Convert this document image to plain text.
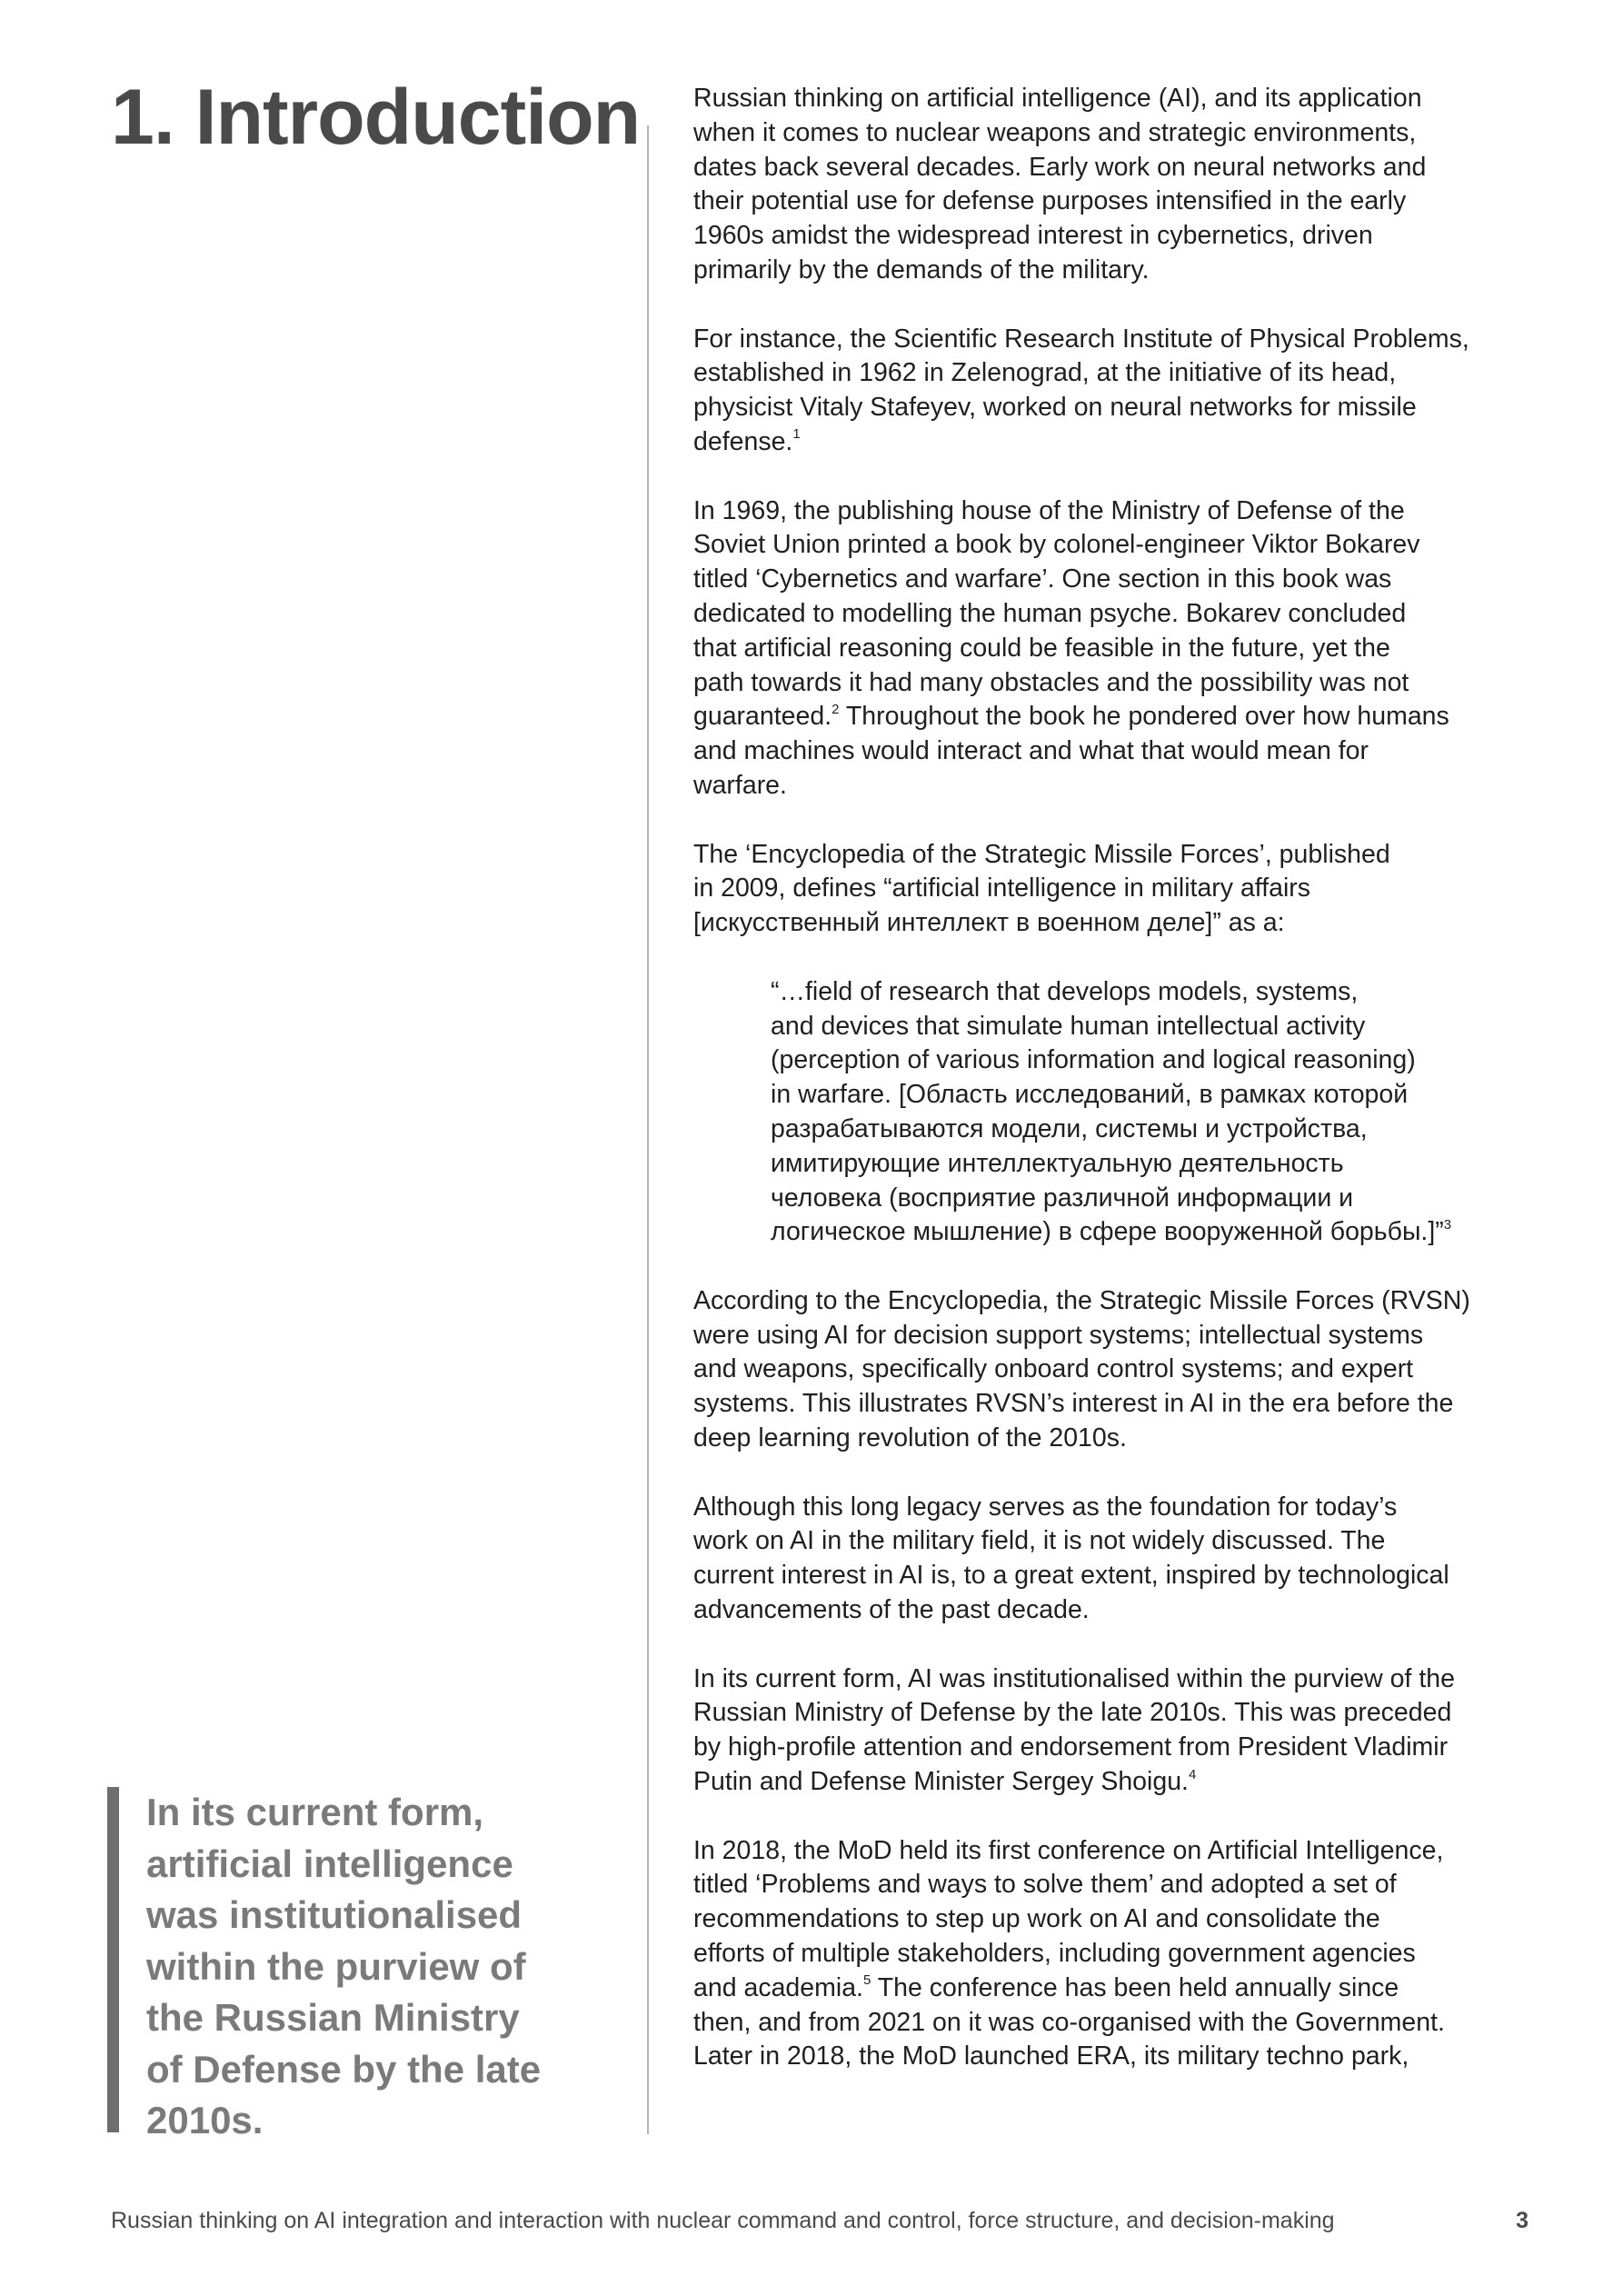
1. Introduction
In its current form,
artificial intelligence
was institutionalised
within the purview of
the Russian Ministry
of Defense by the late
2010s.

Russian thinking on artificial intelligence (AI), and its application
when it comes to nuclear weapons and strategic environments,
dates back several decades. Early work on neural networks and
their potential use for defense purposes intensified in the early
1960s amidst the widespread interest in cybernetics, driven
primarily by the demands of the military.

For instance, the Scientific Research Institute of Physical Problems,
established in 1962 in Zelenograd, at the initiative of its head,
physicist Vitaly Stafeyev, worked on neural networks for missile
defense.$^1$

In 1969, the publishing house of the Ministry of Defense of the
Soviet Union printed a book by colonel-engineer Viktor Bokarev
titled ‘Cybernetics and warfare’. One section in this book was
dedicated to modelling the human psyche. Bokarev concluded
that artificial reasoning could be feasible in the future, yet the
path towards it had many obstacles and the possibility was not
guaranteed.$^2$ Throughout the book he pondered over how humans
and machines would interact and what that would mean for
warfare.

The ‘Encyclopedia of the Strategic Missile Forces’, published
in 2009, defines “artificial intelligence in military affairs
[искусственный интеллект в военном деле]” as a:

“…field of research that develops models, systems,
and devices that simulate human intellectual activity
(perception of various information and logical reasoning)
in warfare. [Область исследований, в рамках которой
разрабатываются модели, системы и устройства,
имитирующие интеллектуальную деятельность
человека (восприятие различной информации и
логическое мышление) в сфере вооруженной борьбы.]”$^3$

According to the Encyclopedia, the Strategic Missile Forces (RVSN)
were using AI for decision support systems; intellectual systems
and weapons, specifically onboard control systems; and expert
systems. This illustrates RVSN’s interest in AI in the era before the
deep learning revolution of the 2010s.

Although this long legacy serves as the foundation for today’s
work on AI in the military field, it is not widely discussed. The
current interest in AI is, to a great extent, inspired by technological
advancements of the past decade.

In its current form, AI was institutionalised within the purview of the
Russian Ministry of Defense by the late 2010s. This was preceded
by high-profile attention and endorsement from President Vladimir
Putin and Defense Minister Sergey Shoigu.$^4$

In 2018, the MoD held its first conference on Artificial Intelligence,
titled ‘Problems and ways to solve them’ and adopted a set of
recommendations to step up work on AI and consolidate the
efforts of multiple stakeholders, including government agencies
and academia.$^5$ The conference has been held annually since
then, and from 2021 on it was co-organised with the Government.
Later in 2018, the MoD launched ERA, its military techno park,

Russian thinking on AI integration and interaction with nuclear command and control, force structure, and decision-making	3
